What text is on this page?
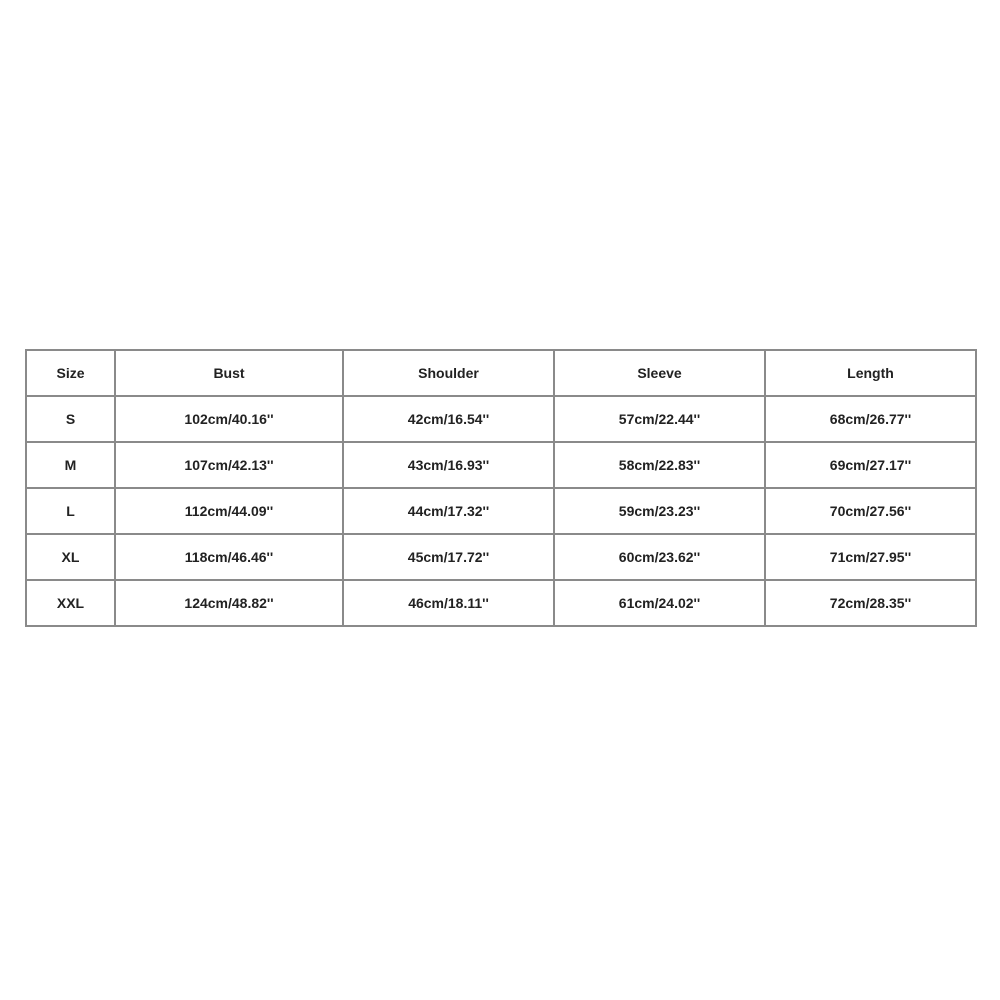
Size	Bust	Shoulder	Sleeve	Length
S	102cm/40.16''	42cm/16.54''	57cm/22.44''	68cm/26.77''
M	107cm/42.13''	43cm/16.93''	58cm/22.83''	69cm/27.17''
L	112cm/44.09''	44cm/17.32''	59cm/23.23''	70cm/27.56''
XL	118cm/46.46''	45cm/17.72''	60cm/23.62''	71cm/27.95''
XXL	124cm/48.82''	46cm/18.11''	61cm/24.02''	72cm/28.35''
